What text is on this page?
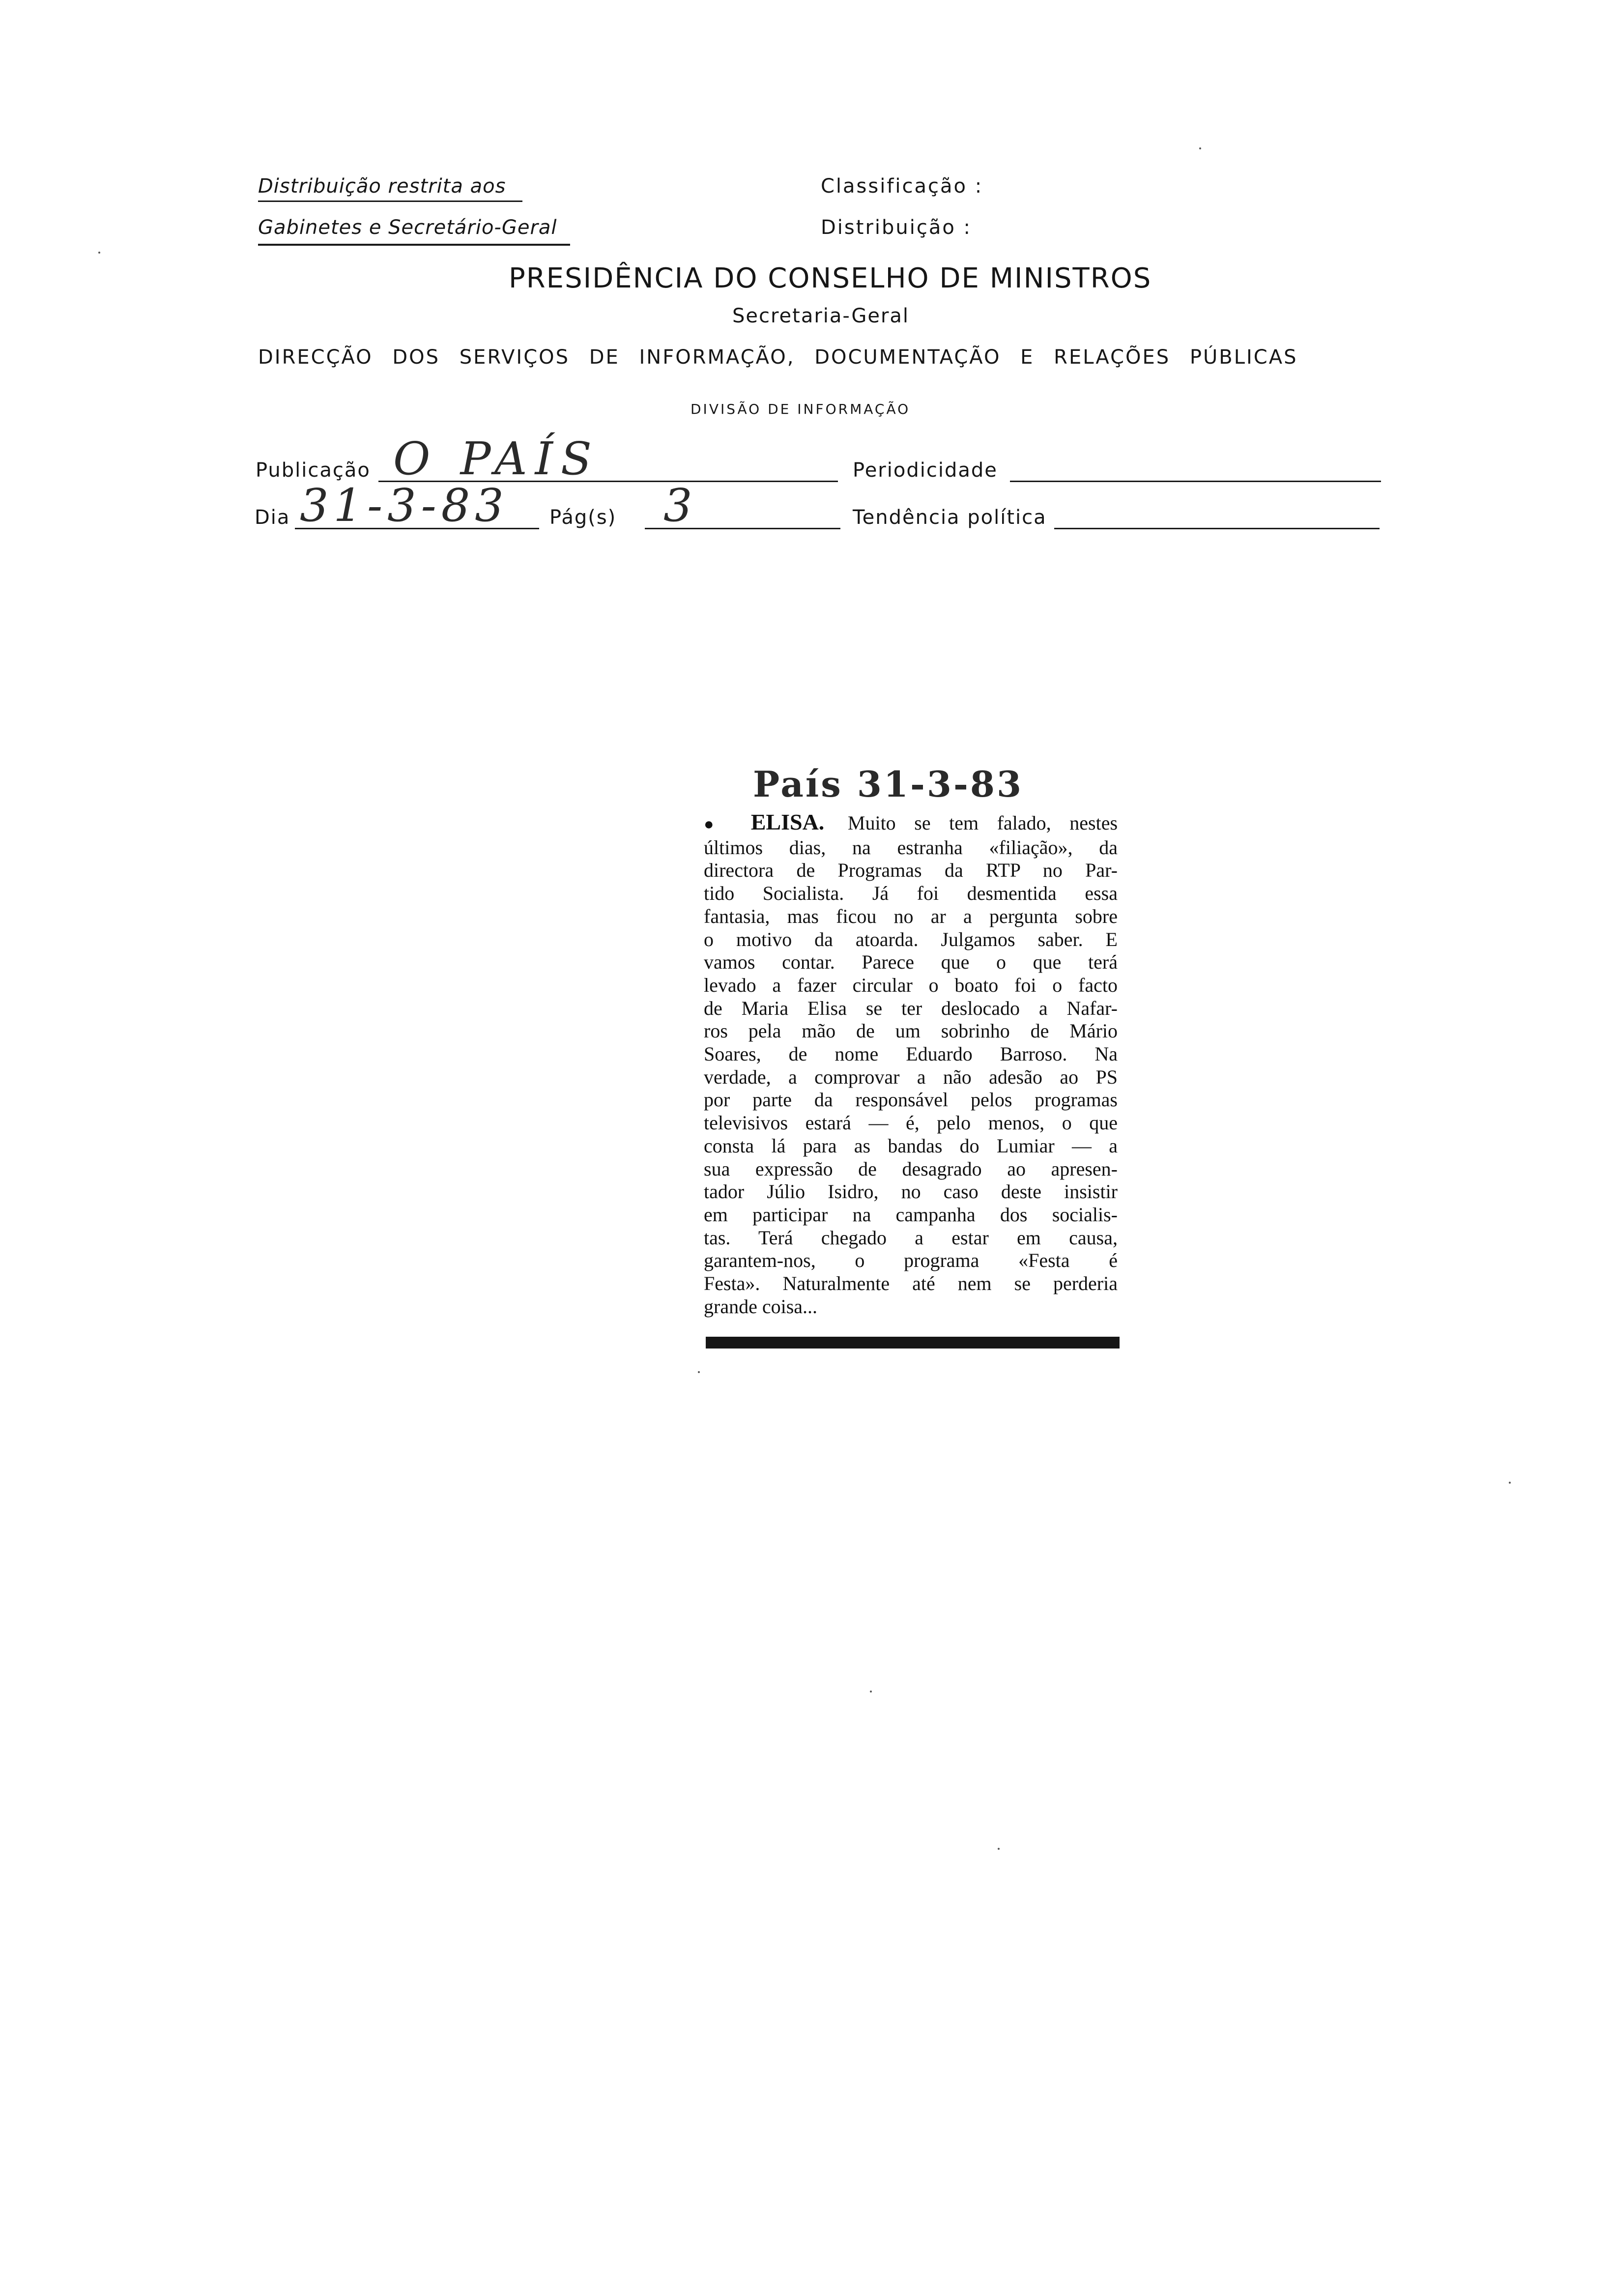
Distribuição restrita aos
Gabinetes e Secretário-Geral
Classificação :
Distribuição :
PRESIDÊNCIA DO CONSELHO DE MINISTROS
Secretaria-Geral
DIRECÇÃO DOS SERVIÇOS DE INFORMAÇÃO, DOCUMENTAÇÃO E RELAÇÕES PÚBLICAS
DIVISÃO DE INFORMAÇÃO
Publicação O PAÍS	Periodicidade
Dia 31-3-83 Pág(s) 3	Tendência política
País 31-3-83
● ELISA. Muito se tem falado, nestes
últimos dias, na estranha «filiação», da
directora de Programas da RTP no Par-
tido Socialista. Já foi desmentida essa
fantasia, mas ficou no ar a pergunta sobre
o motivo da atoarda. Julgamos saber. E
vamos contar. Parece que o que terá
levado a fazer circular o boato foi o facto
de Maria Elisa se ter deslocado a Nafar-
ros pela mão de um sobrinho de Mário
Soares, de nome Eduardo Barroso. Na
verdade, a comprovar a não adesão ao PS
por parte da responsável pelos programas
televisivos estará — é, pelo menos, o que
consta lá para as bandas do Lumiar — a
sua expressão de desagrado ao apresen-
tador Júlio Isidro, no caso deste insistir
em participar na campanha dos socialis-
tas. Terá chegado a estar em causa,
garantem-nos, o programa «Festa é
Festa». Naturalmente até nem se perderia
grande coisa...
